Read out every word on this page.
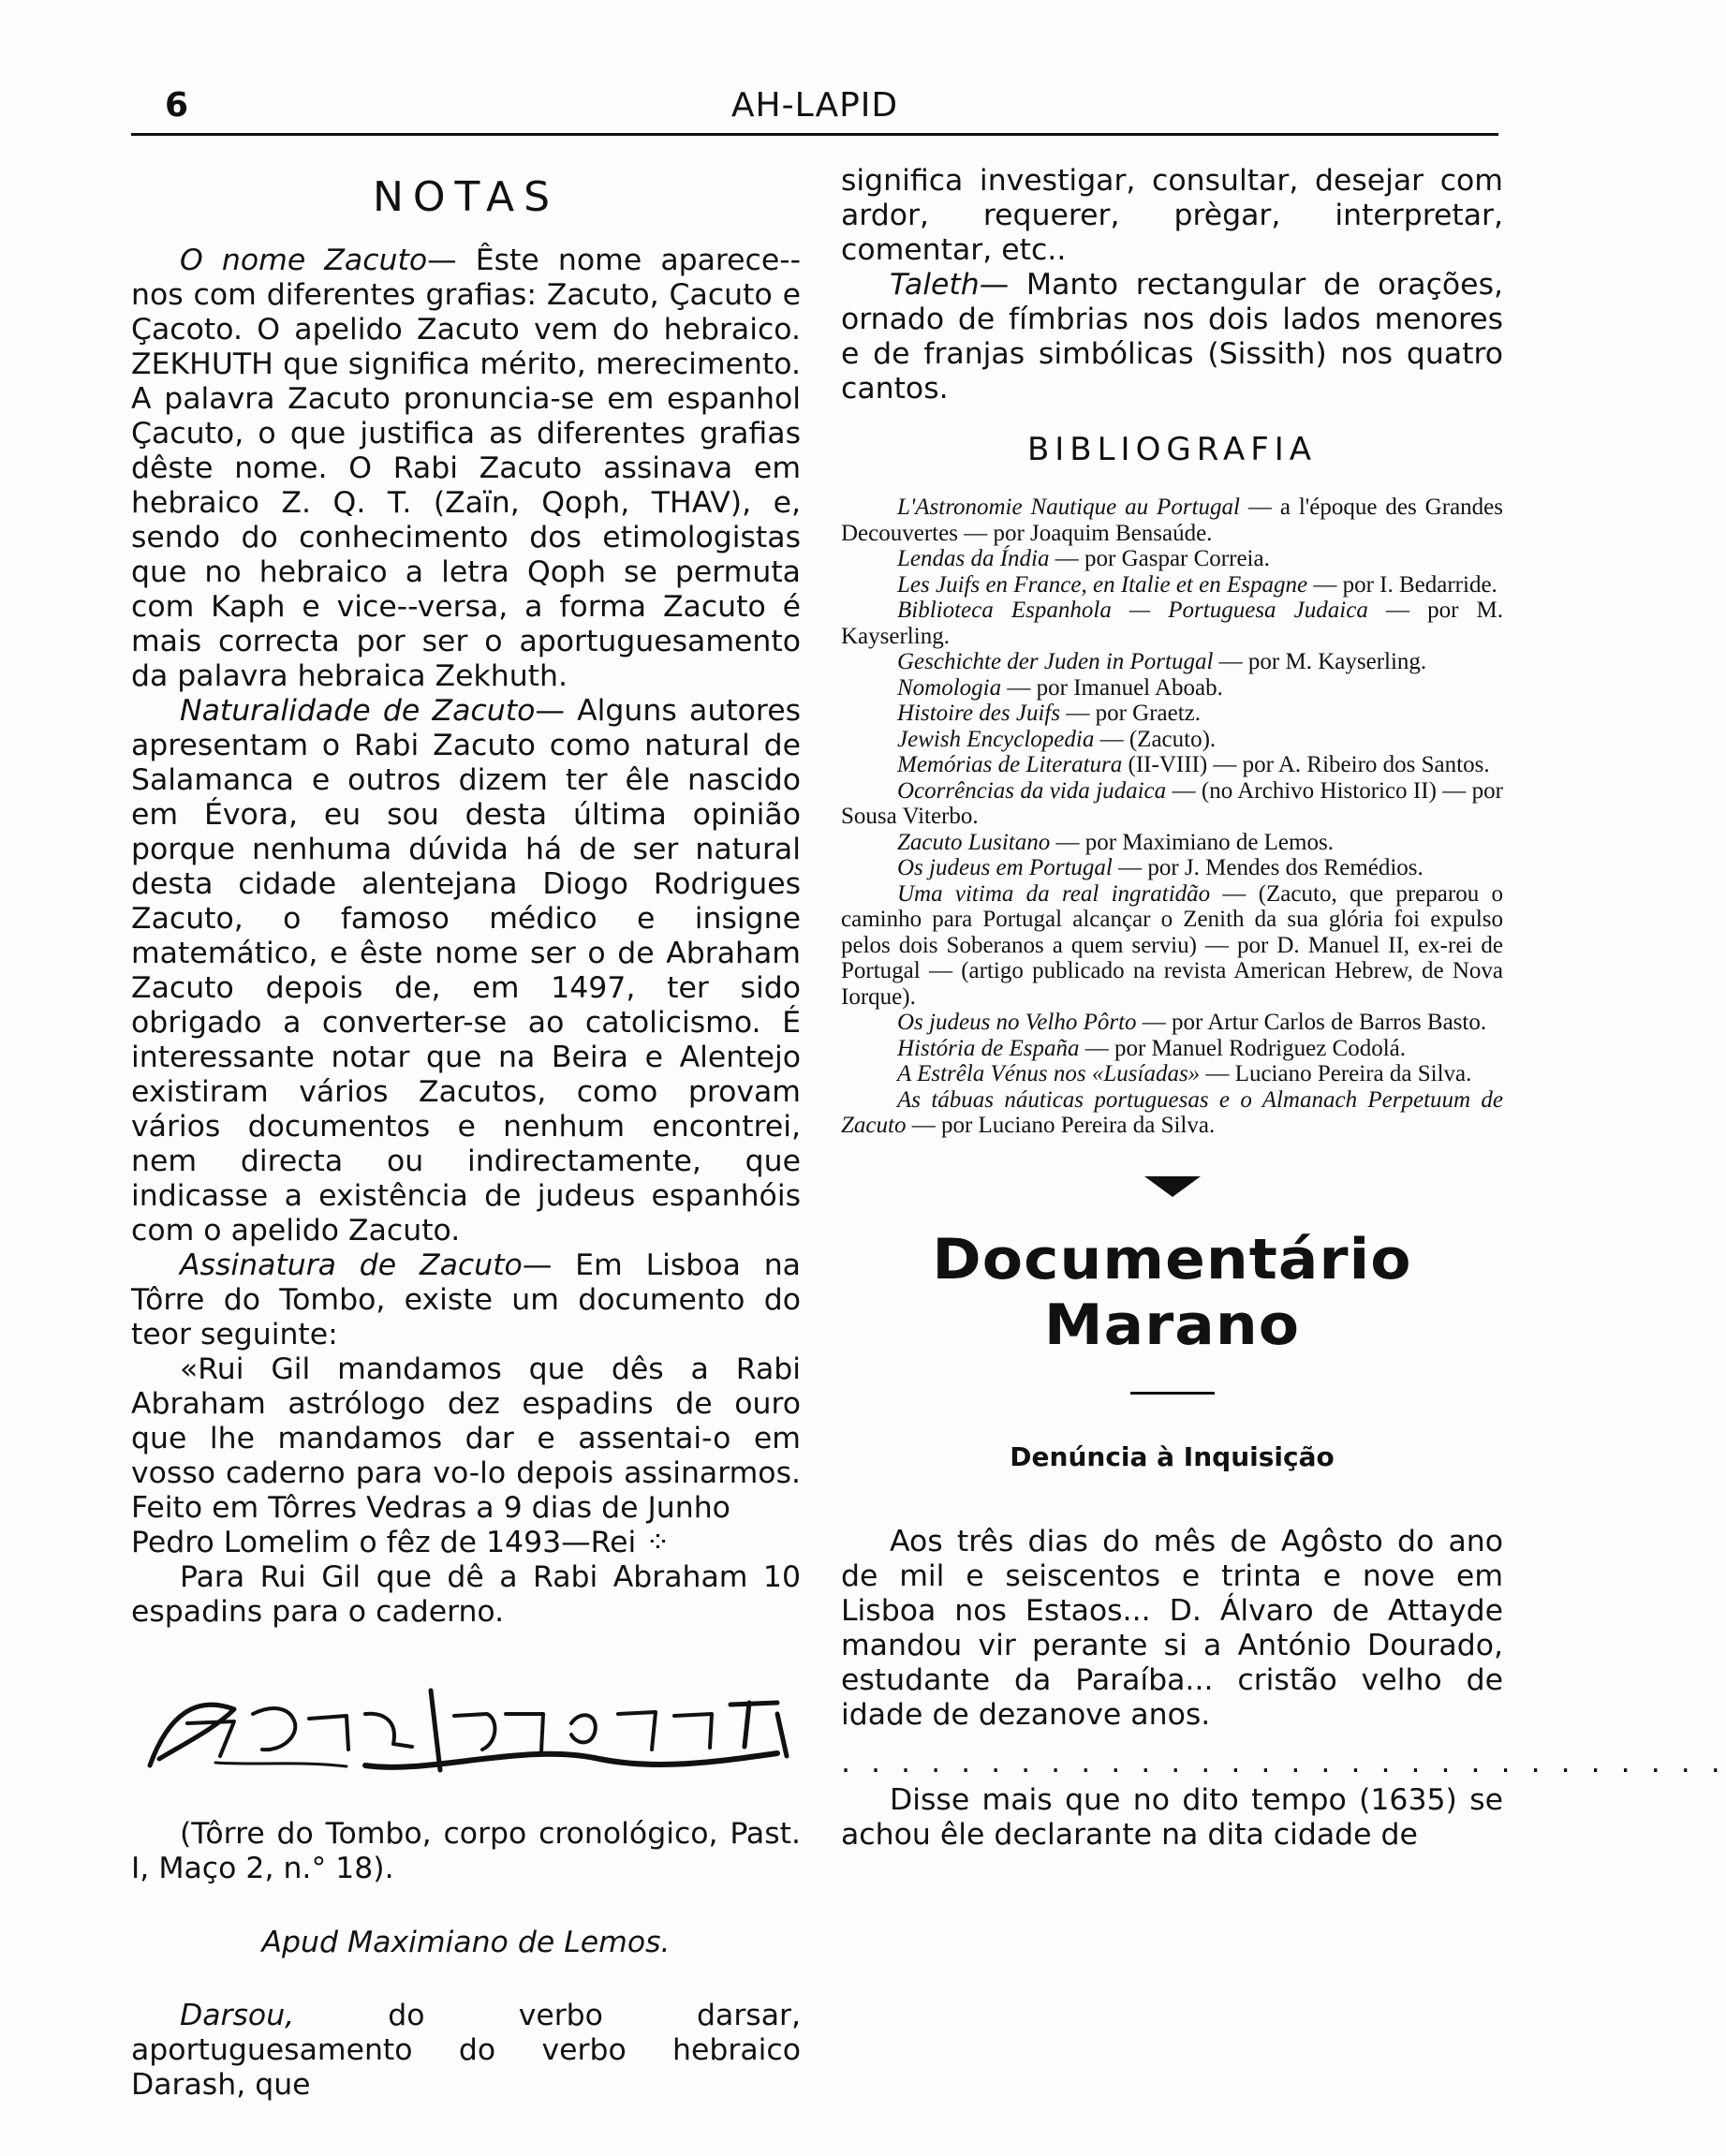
6	AH-LAPID
NOTAS

O nome Zacuto— Êste nome aparece--nos com diferentes grafias: Zacuto, Çacuto e Çacoto. O apelido Zacuto vem do hebraico. ZEKHUTH que significa mérito, merecimento. A palavra Zacuto pronuncia-se em espanhol Çacuto, o que justifica as diferentes grafias dêste nome. O Rabi Zacuto assinava em hebraico Z. Q. T. (Zaïn, Qoph, THAV), e, sendo do conhecimento dos etimologistas que no hebraico a letra Qoph se permuta com Kaph e vice--versa, a forma Zacuto é mais correcta por ser o aportuguesamento da palavra hebraica Zekhuth.

Naturalidade de Zacuto— Alguns autores apresentam o Rabi Zacuto como natural de Salamanca e outros dizem ter êle nascido em Évora, eu sou desta última opinião porque nenhuma dúvida há de ser natural desta cidade alentejana Diogo Rodrigues Zacuto, o famoso médico e insigne matemático, e êste nome ser o de Abraham Zacuto depois de, em 1497, ter sido obrigado a converter-se ao catolicismo. É interessante notar que na Beira e Alentejo existiram vários Zacutos, como provam vários documentos e nenhum encontrei, nem directa ou indirectamente, que indicasse a existência de judeus espanhóis com o apelido Zacuto.

Assinatura de Zacuto— Em Lisboa na Tôrre do Tombo, existe um documento do teor seguinte:

«Rui Gil mandamos que dês a Rabi Abraham astrólogo dez espadins de ouro que lhe mandamos dar e assentai-o em vosso caderno para vo-lo depois assinarmos. Feito em Tôrres Vedras a 9 dias de Junho

Pedro Lomelim o fêz de 1493—Rei ⁘

Para Rui Gil que dê a Rabi Abraham 10 espadins para o caderno.

(Tôrre do Tombo, corpo cronológico, Past. I, Maço 2, n.° 18).

Apud Maximiano de Lemos.

Darsou, do verbo darsar, aportuguesamento do verbo hebraico Darash, que

significa investigar, consultar, desejar com ardor, requerer, prègar, interpretar, comentar, etc..

Taleth— Manto rectangular de orações, ornado de fímbrias nos dois lados menores e de franjas simbólicas (Sissith) nos quatro cantos.

BIBLIOGRAFIA
L'Astronomie Nautique au Portugal — a l'époque des Grandes Decouvertes — por Joaquim Bensaúde.
Lendas da Índia — por Gaspar Correia.
Les Juifs en France, en Italie et en Espagne — por I. Bedarride.
Biblioteca Espanhola — Portuguesa Judaica — por M. Kayserling.
Geschichte der Juden in Portugal — por M. Kayserling.
Nomologia — por Imanuel Aboab.
Histoire des Juifs — por Graetz.
Jewish Encyclopedia — (Zacuto).
Memórias de Literatura (II-VIII) — por A. Ribeiro dos Santos.
Ocorrências da vida judaica — (no Archivo Historico II) — por Sousa Viterbo.
Zacuto Lusitano — por Maximiano de Lemos.
Os judeus em Portugal — por J. Mendes dos Remédios.
Uma vitima da real ingratidão — (Zacuto, que preparou o caminho para Portugal alcançar o Zenith da sua glória foi expulso pelos dois Soberanos a quem serviu) — por D. Manuel II, ex-rei de Portugal — (artigo publicado na revista American Hebrew, de Nova Iorque).
Os judeus no Velho Pôrto — por Artur Carlos de Barros Basto.
História de España — por Manuel Rodriguez Codolá.
A Estrêla Vénus nos «Lusíadas» — Luciano Pereira da Silva.
As tábuas náuticas portuguesas e o Almanach Perpetuum de Zacuto — por Luciano Pereira da Silva.
Documentário Marano
Denúncia à Inquisição

Aos três dias do mês de Agôsto do ano de mil e seiscentos e trinta e nove em Lisboa nos Estaos... D. Álvaro de Attayde mandou vir perante si a António Dourado, estudante da Paraíba... cristão velho de idade de dezanove anos.

. . . . . . . . . . . . . . . . . . . . . . . . . . . . . .

Disse mais que no dito tempo (1635) se achou êle declarante na dita cidade de
